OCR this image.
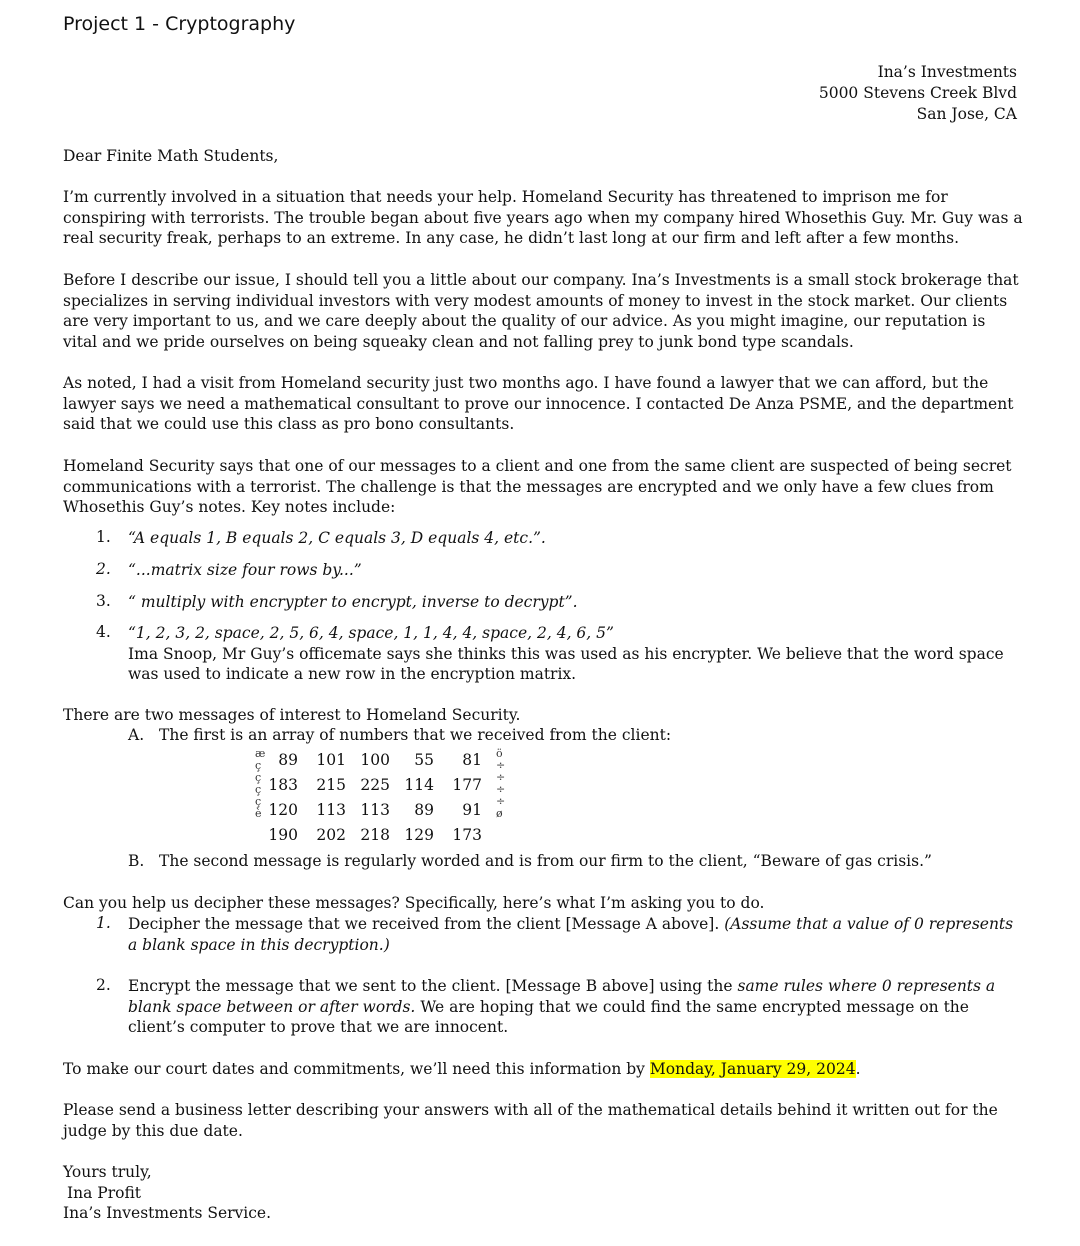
Project 1 - Cryptography
Ina’s Investments
5000 Stevens Creek Blvd
San Jose, CA

Dear Finite Math Students,

I’m currently involved in a situation that needs your help. Homeland Security has threatened to imprison me for conspiring with terrorists. The trouble began about five years ago when my company hired Whosethis Guy. Mr. Guy was a real security freak, perhaps to an extreme. In any case, he didn’t last long at our firm and left after a few months.

Before I describe our issue, I should tell you a little about our company. Ina’s Investments is a small stock brokerage that specializes in serving individual investors with very modest amounts of money to invest in the stock market. Our clients are very important to us, and we care deeply about the quality of our advice. As you might imagine, our reputation is vital and we pride ourselves on being squeaky clean and not falling prey to junk bond type scandals.

As noted, I had a visit from Homeland security just two months ago. I have found a lawyer that we can afford, but the lawyer says we need a mathematical consultant to prove our innocence. I contacted De Anza PSME, and the department said that we could use this class as pro bono consultants.

Homeland Security says that one of our messages to a client and one from the same client are suspected of being secret communications with a terrorist. The challenge is that the messages are encrypted and we only have a few clues from Whosethis Guy’s notes. Key notes include:

1. “A equals 1, B equals 2, C equals 3, D equals 4, etc.”.
2. “...matrix size four rows by...”
3. “ multiply with encrypter to encrypt, inverse to decrypt”.
4. “1, 2, 3, 2, space, 2, 5, 6, 4, space, 1, 1, 4, 4, space, 2, 4, 6, 5”
Ima Snoop, Mr Guy’s officemate says she thinks this was used as his encrypter. We believe that the word space was used to indicate a new row in the encryption matrix.

There are two messages of interest to Homeland Security.

A. The first is an array of numbers that we received from the client:
æ
ç
ç
ç
ç
è
ö
÷
÷
÷
÷
ø
89	101 100	55	81
183	215 225 114	177
120	113 113	89	91
190	202 218 129	173
B. The second message is regularly worded and is from our firm to the client, “Beware of gas crisis.”

Can you help us decipher these messages? Specifically, here’s what I’m asking you to do.

1. Decipher the message that we received from the client [Message A above]. (Assume that a value of 0 represents a blank space in this decryption.)
2. Encrypt the message that we sent to the client. [Message B above] using the same rules where 0 represents a blank space between or after words. We are hoping that we could find the same encrypted message on the client’s computer to prove that we are innocent.

To make our court dates and commitments, we’ll need this information by Monday, January 29, 2024.

Please send a business letter describing your answers with all of the mathematical details behind it written out for the judge by this due date.

Yours truly,
Ina Profit
Ina’s Investments Service.
